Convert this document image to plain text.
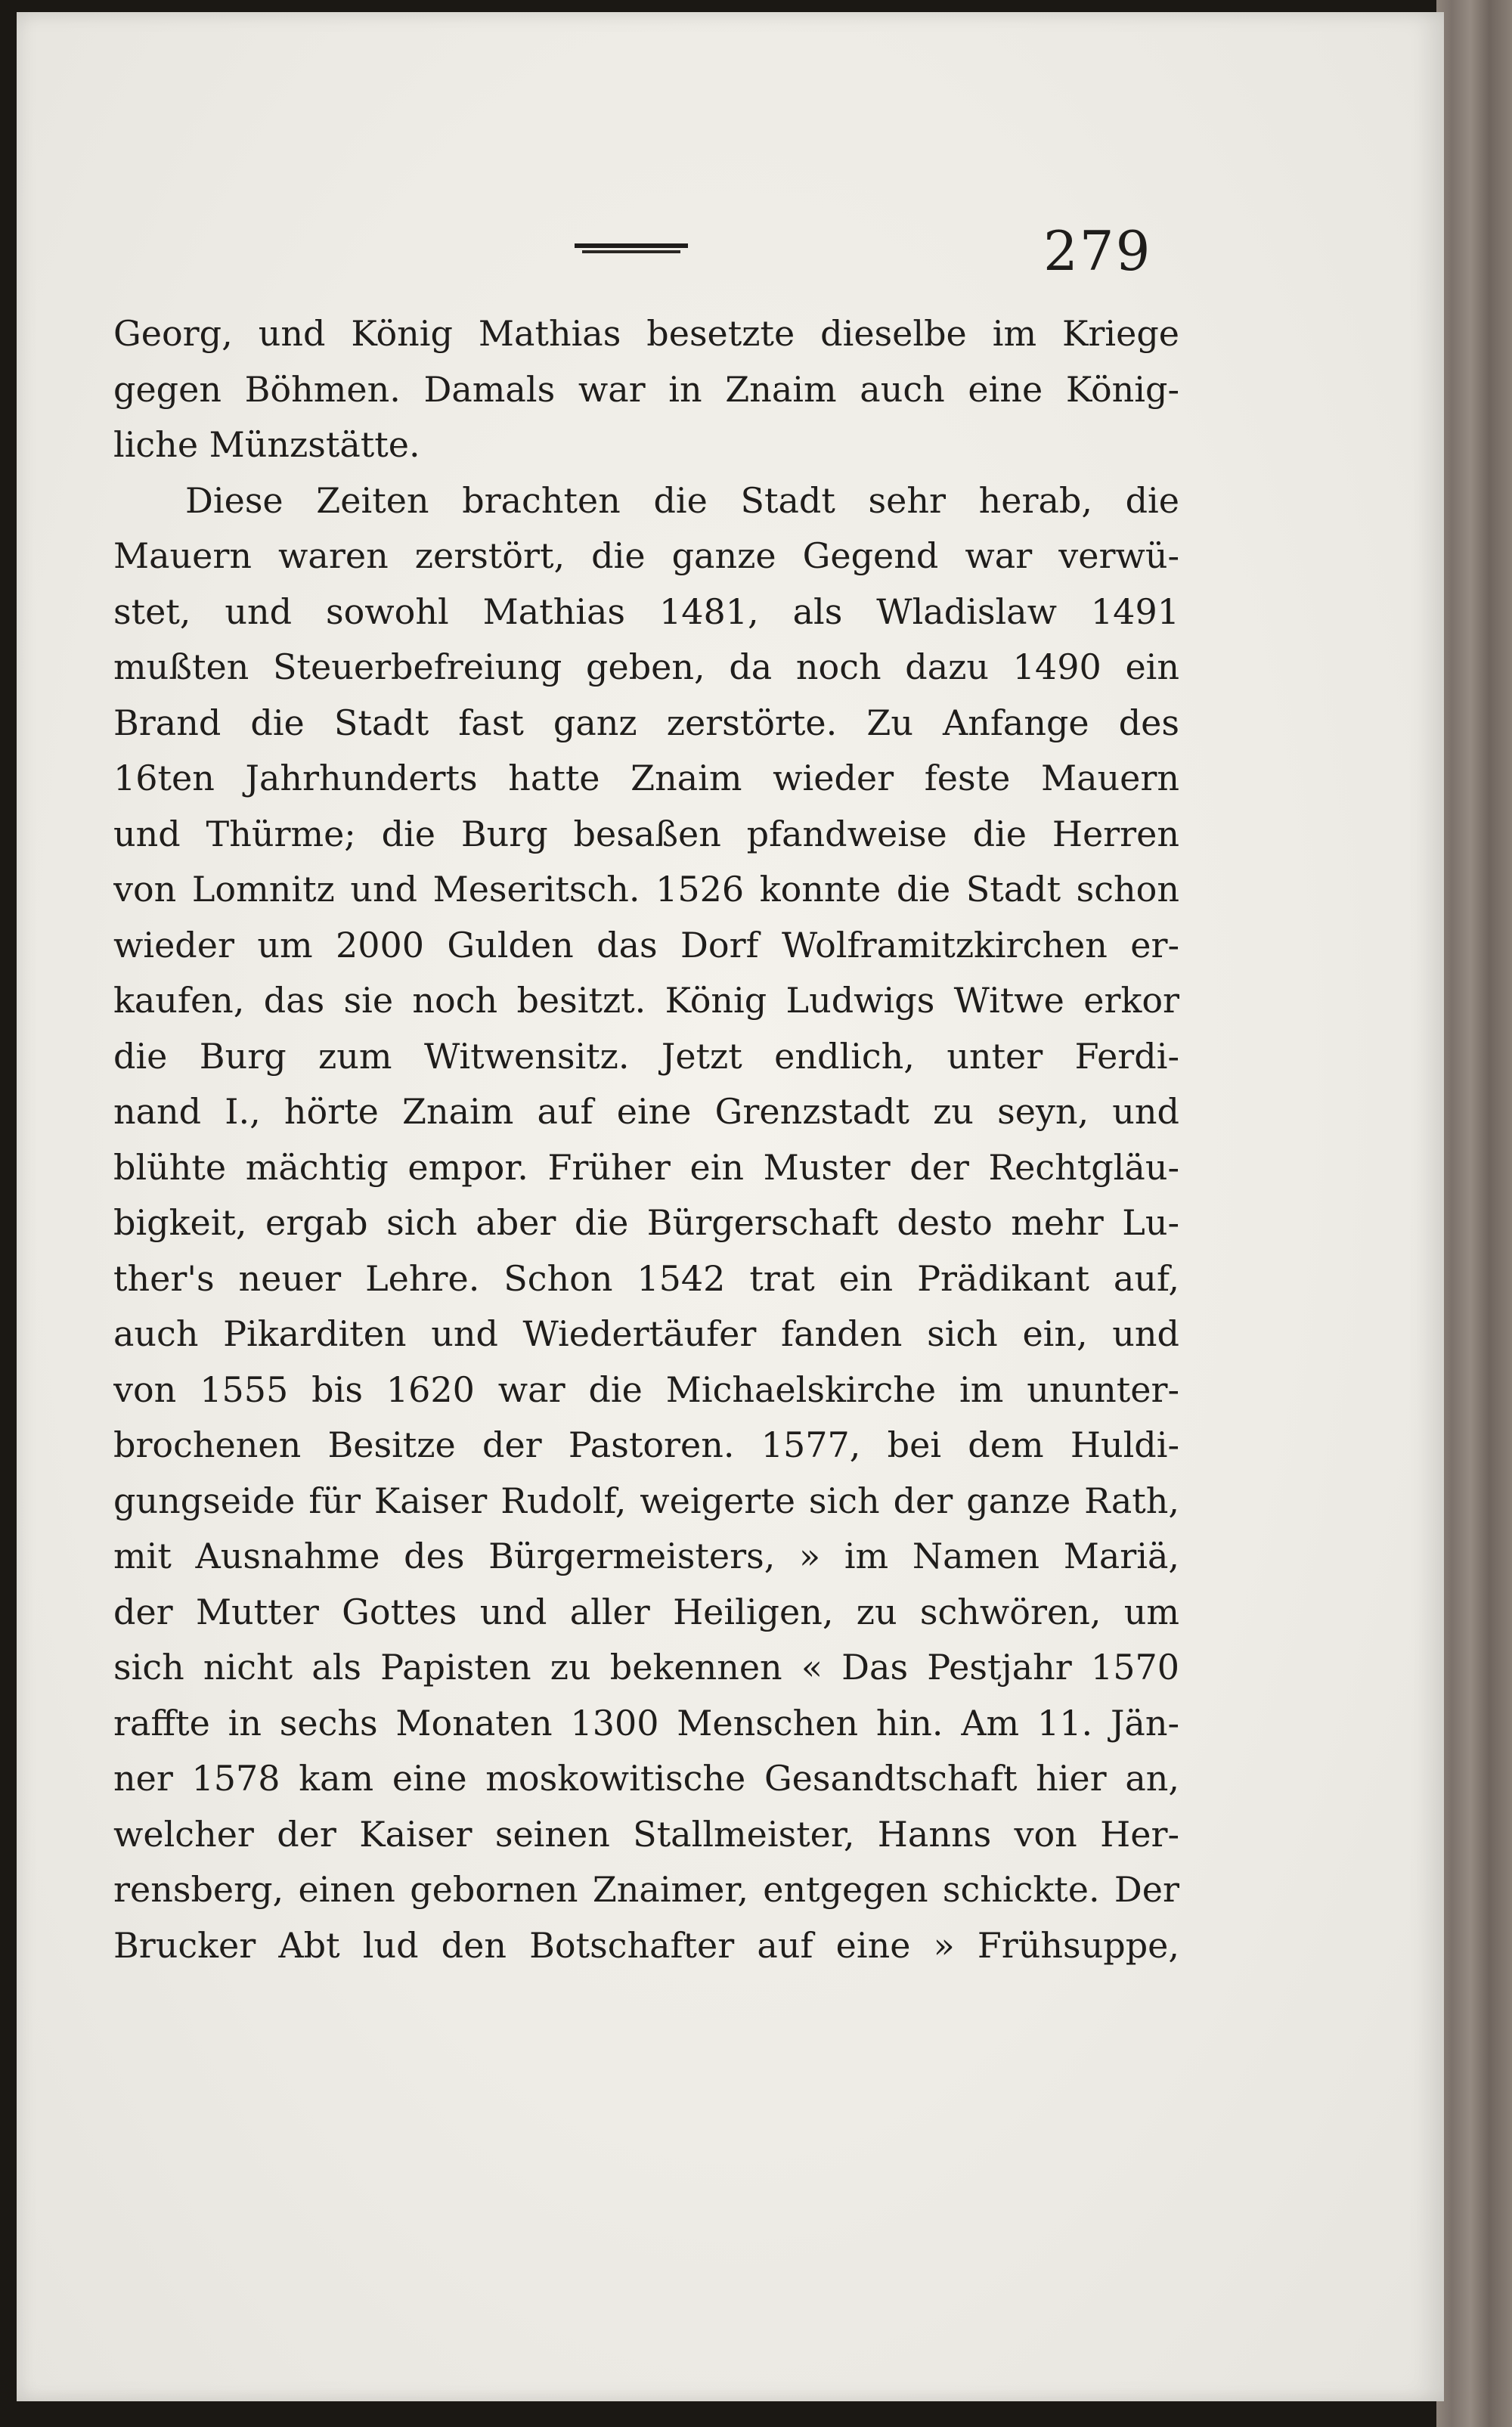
279
Georg, und König Mathias besetzte dieselbe im Kriege
gegen Böhmen. Damals war in Znaim auch eine König-
liche Münzstätte.
Diese Zeiten brachten die Stadt sehr herab, die
Mauern waren zerstört, die ganze Gegend war verwü-
stet, und sowohl Mathias 1481, als Wladislaw 1491
mußten Steuerbefreiung geben, da noch dazu 1490 ein
Brand die Stadt fast ganz zerstörte. Zu Anfange des
16ten Jahrhunderts hatte Znaim wieder feste Mauern
und Thürme; die Burg besaßen pfandweise die Herren
von Lomnitz und Meseritsch. 1526 konnte die Stadt schon
wieder um 2000 Gulden das Dorf Wolframitzkirchen er-
kaufen, das sie noch besitzt. König Ludwigs Witwe erkor
die Burg zum Witwensitz. Jetzt endlich, unter Ferdi-
nand I., hörte Znaim auf eine Grenzstadt zu seyn, und
blühte mächtig empor. Früher ein Muster der Rechtgläu-
bigkeit, ergab sich aber die Bürgerschaft desto mehr Lu-
ther's neuer Lehre. Schon 1542 trat ein Prädikant auf,
auch Pikarditen und Wiedertäufer fanden sich ein, und
von 1555 bis 1620 war die Michaelskirche im ununter-
brochenen Besitze der Pastoren. 1577, bei dem Huldi-
gungseide für Kaiser Rudolf, weigerte sich der ganze Rath,
mit Ausnahme des Bürgermeisters, » im Namen Mariä,
der Mutter Gottes und aller Heiligen, zu schwören, um
sich nicht als Papisten zu bekennen « Das Pestjahr 1570
raffte in sechs Monaten 1300 Menschen hin. Am 11. Jän-
ner 1578 kam eine moskowitische Gesandtschaft hier an,
welcher der Kaiser seinen Stallmeister, Hanns von Her-
rensberg, einen gebornen Znaimer, entgegen schickte. Der
Brucker Abt lud den Botschafter auf eine » Frühsuppe,
